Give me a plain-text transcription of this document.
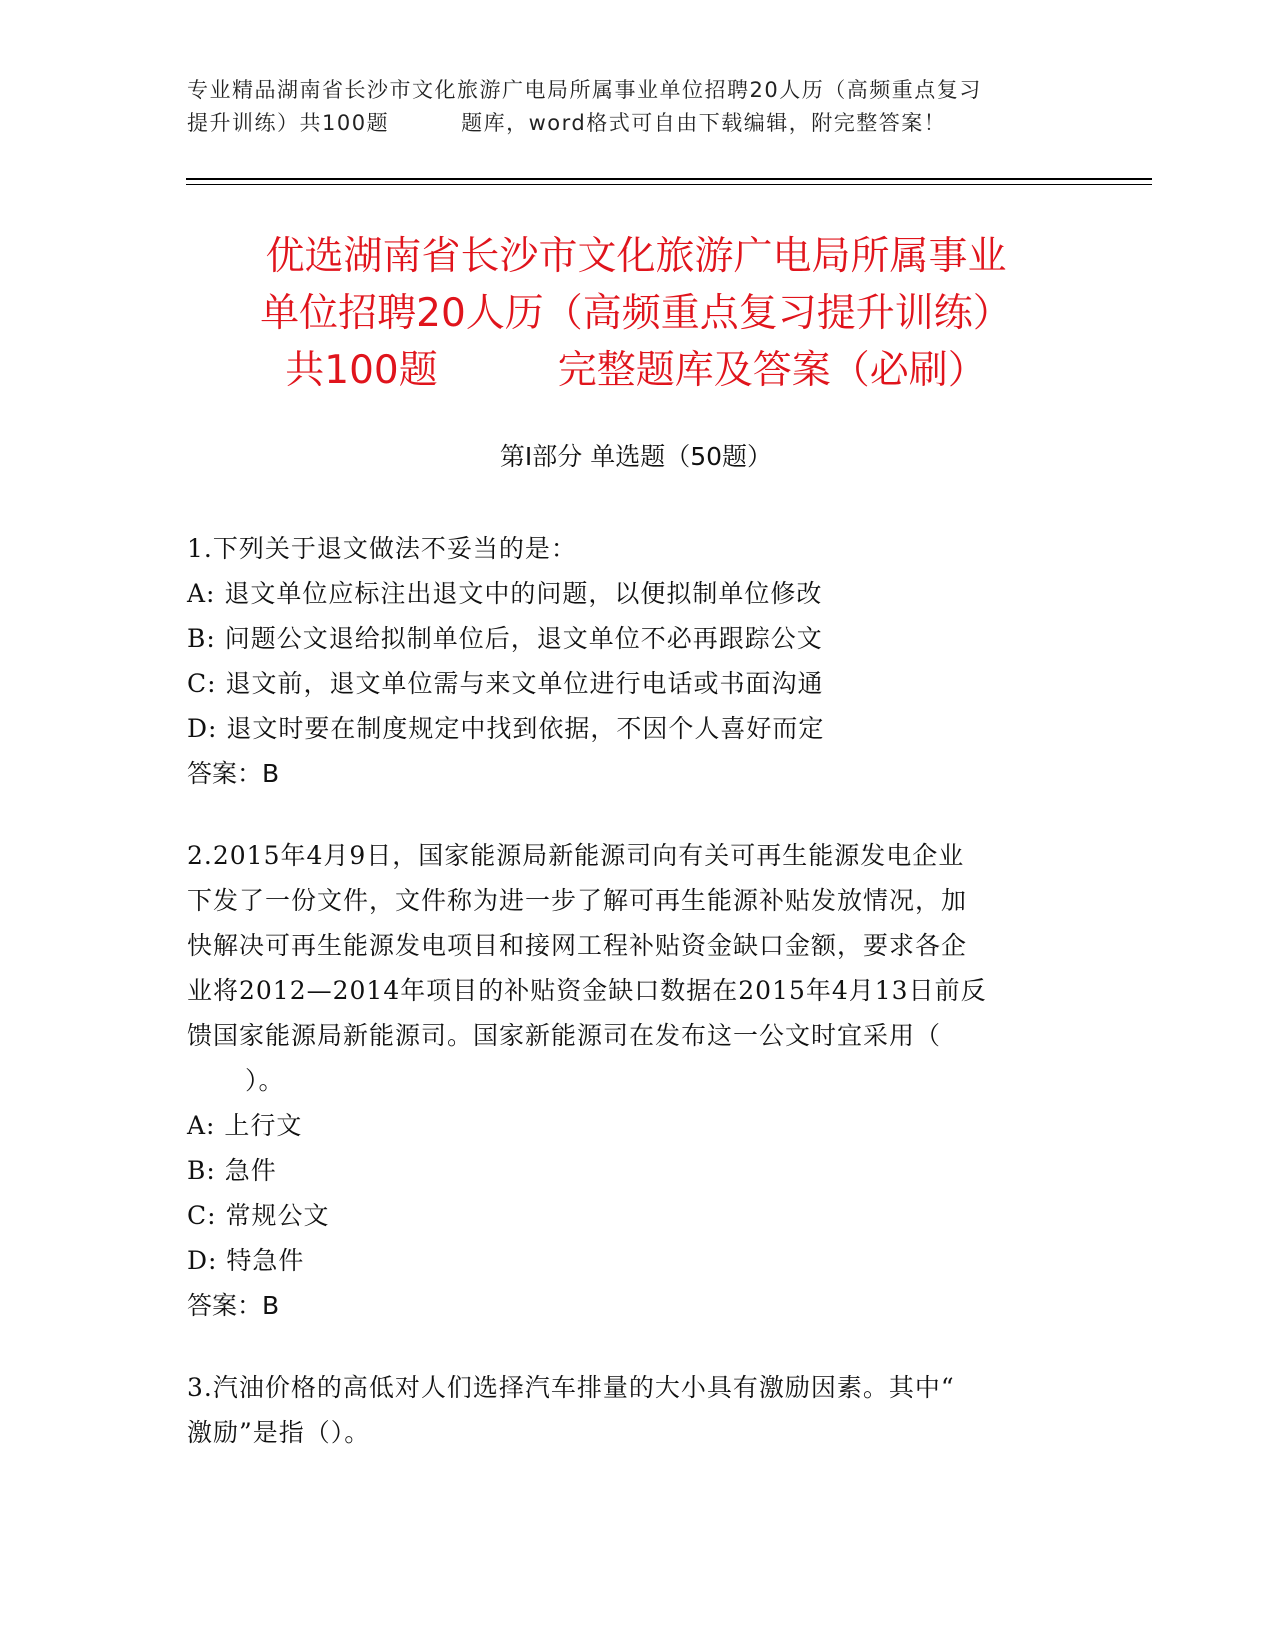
专业精品湖南省长沙市文化旅游广电局所属事业单位招聘20人历（高频重点复习
提升训练）共100题	题库，word格式可自由下载编辑，附完整答案！
优选湖南省长沙市文化旅游广电局所属事业
单位招聘20人历（高频重点复习提升训练）
共100题	完整题库及答案（必刷）
第Ⅰ部分 单选题（50题）
1.下列关于退文做法不妥当的是：
A: 退文单位应标注出退文中的问题，以便拟制单位修改
B: 问题公文退给拟制单位后，退文单位不必再跟踪公文
C: 退文前，退文单位需与来文单位进行电话或书面沟通
D: 退文时要在制度规定中找到依据，不因个人喜好而定
答案：B
2.2015年4月9日，国家能源局新能源司向有关可再生能源发电企业
下发了一份文件，文件称为进一步了解可再生能源补贴发放情况，加
快解决可再生能源发电项目和接网工程补贴资金缺口金额，要求各企
业将2012—2014年项目的补贴资金缺口数据在2015年4月13日前反
馈国家能源局新能源司。国家新能源司在发布这一公文时宜采用（
）。
A: 上行文
B: 急件
C: 常规公文
D: 特急件
答案：B
3.汽油价格的高低对人们选择汽车排量的大小具有激励因素。其中“
激励”是指（）。
